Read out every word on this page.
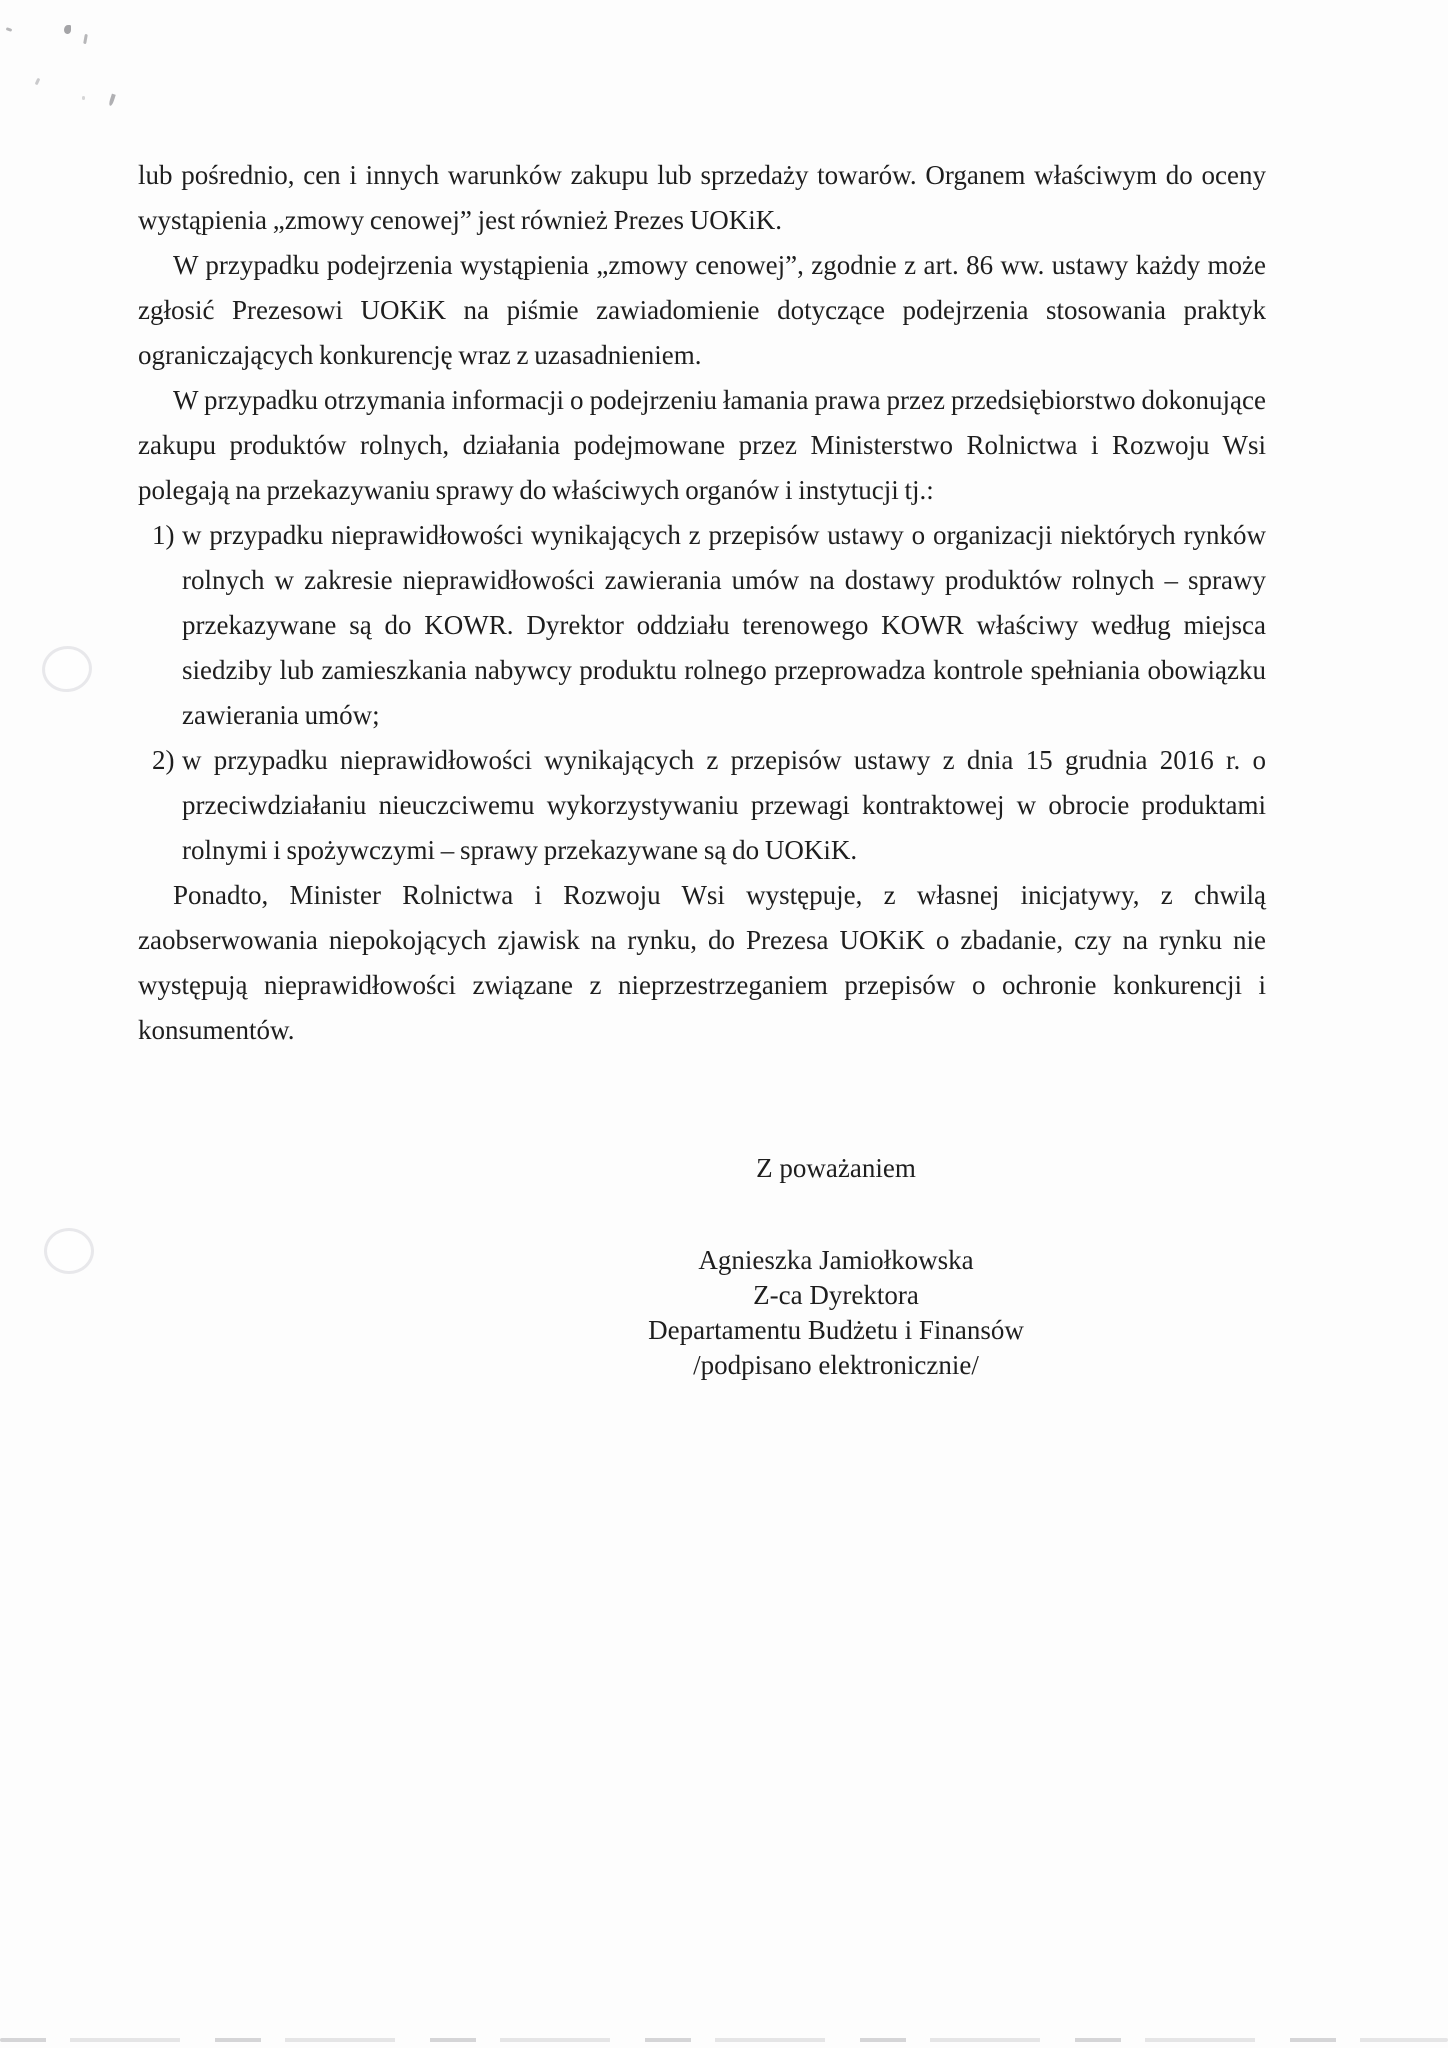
lub pośrednio, cen i innych warunków zakupu lub sprzedaży towarów. Organem właściwym do oceny wystąpienia „zmowy cenowej” jest również Prezes UOKiK.

W przypadku podejrzenia wystąpienia „zmowy cenowej”, zgodnie z art. 86 ww. ustawy każdy może zgłosić Prezesowi UOKiK na piśmie zawiadomienie dotyczące podejrzenia stosowania praktyk ograniczających konkurencję wraz z uzasadnieniem.

W przypadku otrzymania informacji o podejrzeniu łamania prawa przez przedsiębiorstwo dokonujące zakupu produktów rolnych, działania podejmowane przez Ministerstwo Rolnictwa i Rozwoju Wsi polegają na przekazywaniu sprawy do właściwych organów i instytucji tj.:

1) w przypadku nieprawidłowości wynikających z przepisów ustawy o organizacji niektórych rynków rolnych w zakresie nieprawidłowości zawierania umów na dostawy produktów rolnych – sprawy przekazywane są do KOWR. Dyrektor oddziału terenowego KOWR właściwy według miejsca siedziby lub zamieszkania nabywcy produktu rolnego przeprowadza kontrole spełniania obowiązku zawierania umów;
2) w przypadku nieprawidłowości wynikających z przepisów ustawy z dnia 15 grudnia 2016 r. o przeciwdziałaniu nieuczciwemu wykorzystywaniu przewagi kontraktowej w obrocie produktami rolnymi i spożywczymi – sprawy przekazywane są do UOKiK.

Ponadto, Minister Rolnictwa i Rozwoju Wsi występuje, z własnej inicjatywy, z chwilą zaobserwowania niepokojących zjawisk na rynku, do Prezesa UOKiK o zbadanie, czy na rynku nie występują nieprawidłowości związane z nieprzestrzeganiem przepisów o ochronie konkurencji i konsumentów.

Z poważaniem
Agnieszka Jamiołkowska
Z-ca Dyrektora
Departamentu Budżetu i Finansów
/podpisano elektronicznie/
